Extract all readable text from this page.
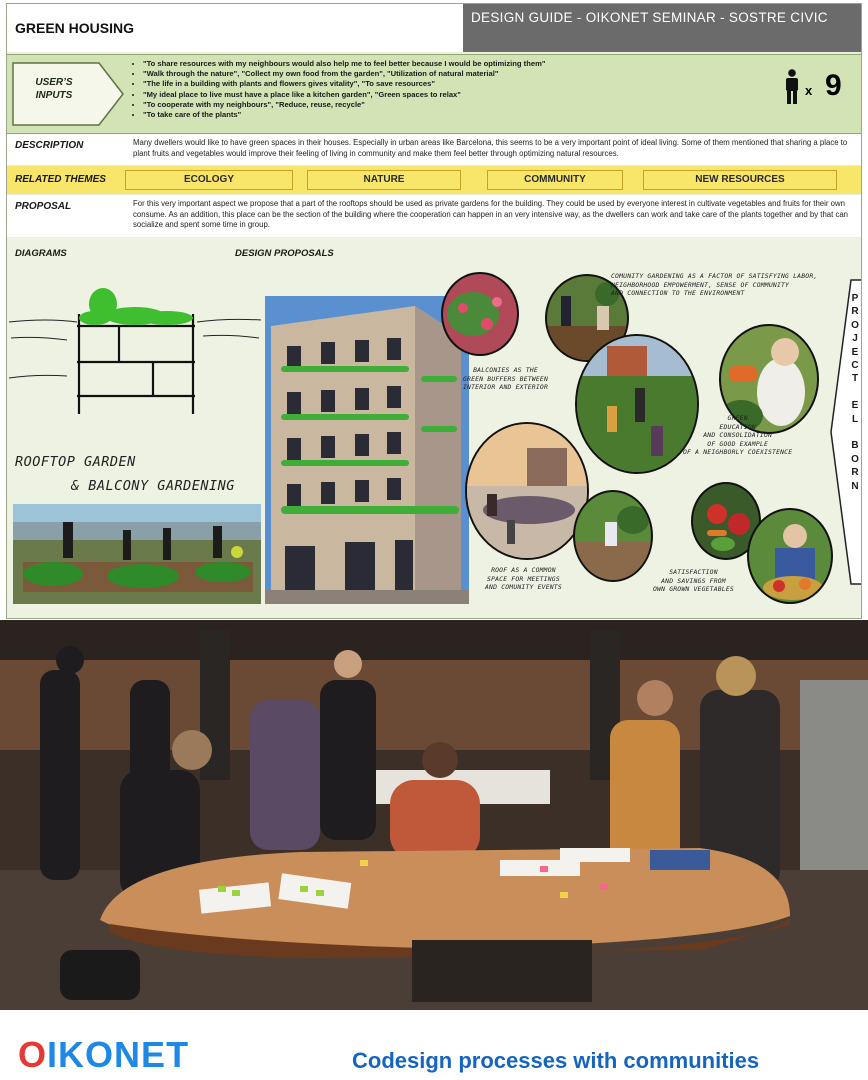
GREEN HOUSING
DESIGN GUIDE - OIKONET SEMINAR - SOSTRE CIVIC
USER’S
INPUTS
• "To share resources with my neighbours would also help me to feel better because I would be optimizing them"
• "Walk through the nature", "Collect my own food from the garden", "Utilization of natural material"
• "The life in a building with plants and flowers gives vitality", "To save resources"
• "My ideal place to live must have a place like a kitchen garden", "Green spaces to relax"
• "To cooperate with my neighbours", "Reduce, reuse, recycle"
• "To take care of the plants"
x 9
DESCRIPTION	Many dwellers would like to have green spaces in their houses. Especially in urban areas like Barcelona, this seems to be a very important point of ideal living. Some of them mentioned that sharing a place to plant fruits and vegetables would improve their feeling of living in community and make them feel better through optimizing natural resources.
RELATED THEMES	ECOLOGY	NATURE	COMMUNITY	NEW RESOURCES
PROPOSAL	For this very important aspect we propose that a part of the rooftops should be used as private gardens for the building. They could be used by everyone interest in cultivate vegetables and fruits for their own consume. As an addition, this place can be the section of the building where the cooperation can happen in an very intensive way, as the dwellers can work and take care of the plants together and by that can socialize and spent some time in group.
DIAGRAMS	DESIGN PROPOSALS
ROOFTOP GARDEN
& BALCONY GARDENING
BALCONIES AS THE
GREEN BUFFERS BETWEEN
INTERIOR AND EXTERIOR
COMUNITY GARDENING AS A FACTOR OF SATISFYING LABOR,
NEIGHBORHOOD EMPOWERMENT, SENSE OF COMMUNITY
AND CONNECTION TO THE ENVIRONMENT
GREEN
EDUCATION
AND CONSOLIDATION
OF GOOD EXAMPLE
OF A NEIGHBORLY COEXISTENCE
ROOF AS A COMMON
SPACE FOR MEETINGS
AND COMUNITY EVENTS
SATISFACTION
AND SAVINGS FROM
OWN GROWN VEGETABLES
P
R
O
J
E
C
T
E
L
B
O
R
N
OIKONET	Codesign processes with communities
